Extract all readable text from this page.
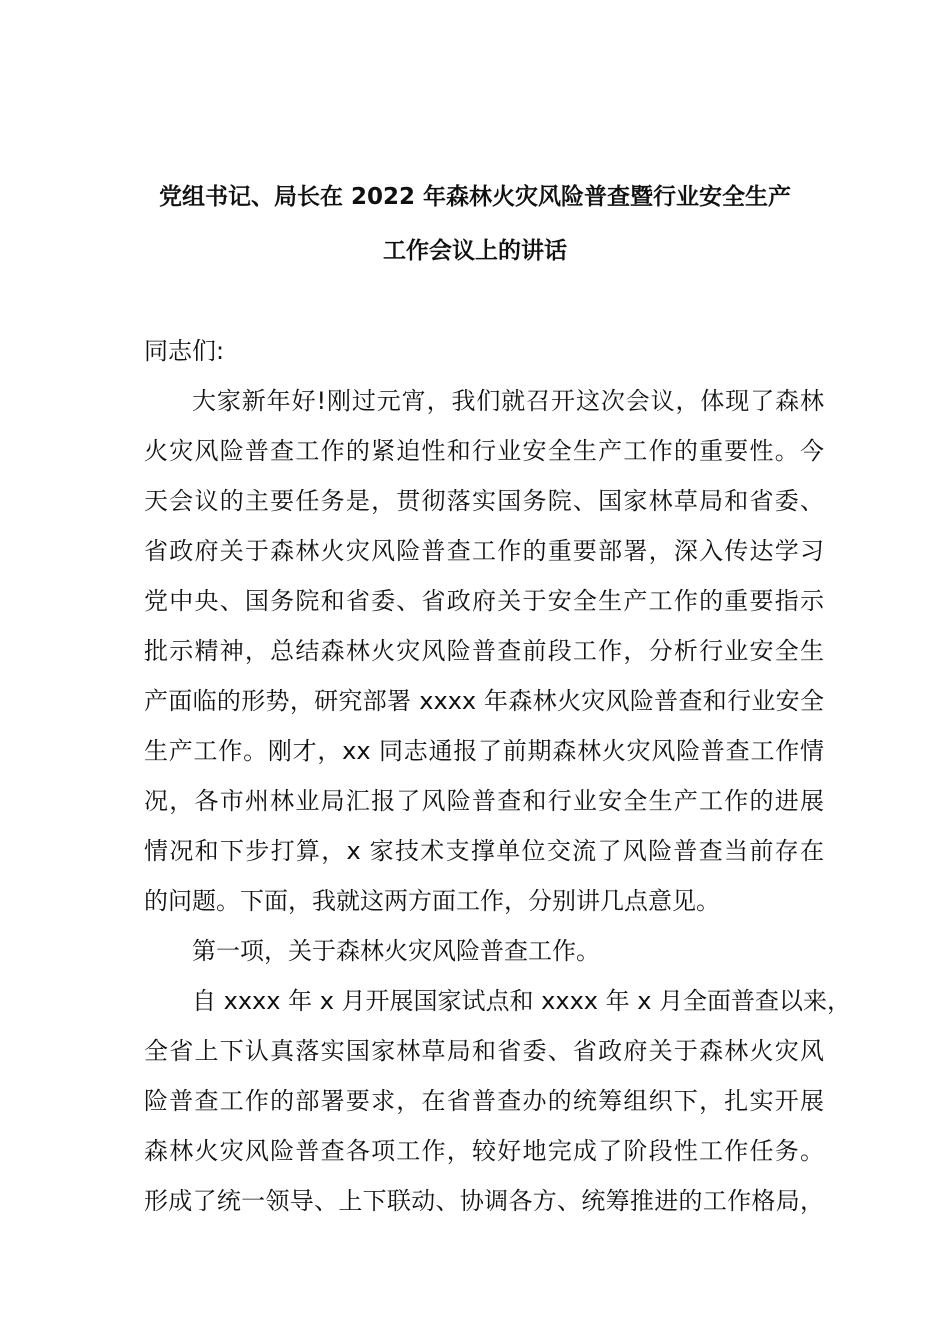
党组书记、局长在 2022 年森林火灾风险普查暨行业安全生产
工作会议上的讲话
同志们:
大家新年好!刚过元宵，我们就召开这次会议，体现了森林
火灾风险普查工作的紧迫性和行业安全生产工作的重要性。今
天会议的主要任务是，贯彻落实国务院、国家林草局和省委、
省政府关于森林火灾风险普查工作的重要部署，深入传达学习
党中央、国务院和省委、省政府关于安全生产工作的重要指示
批示精神，总结森林火灾风险普查前段工作，分析行业安全生
产面临的形势，研究部署 xxxx 年森林火灾风险普查和行业安全
生产工作。刚才，xx 同志通报了前期森林火灾风险普查工作情
况，各市州林业局汇报了风险普查和行业安全生产工作的进展
情况和下步打算，x 家技术支撑单位交流了风险普查当前存在
的问题。下面，我就这两方面工作，分别讲几点意见。
第一项，关于森林火灾风险普查工作。
自 xxxx 年 x 月开展国家试点和 xxxx 年 x 月全面普查以来，
全省上下认真落实国家林草局和省委、省政府关于森林火灾风
险普查工作的部署要求，在省普查办的统筹组织下，扎实开展
森林火灾风险普查各项工作，较好地完成了阶段性工作任务。
形成了统一领导、上下联动、协调各方、统筹推进的工作格局，
